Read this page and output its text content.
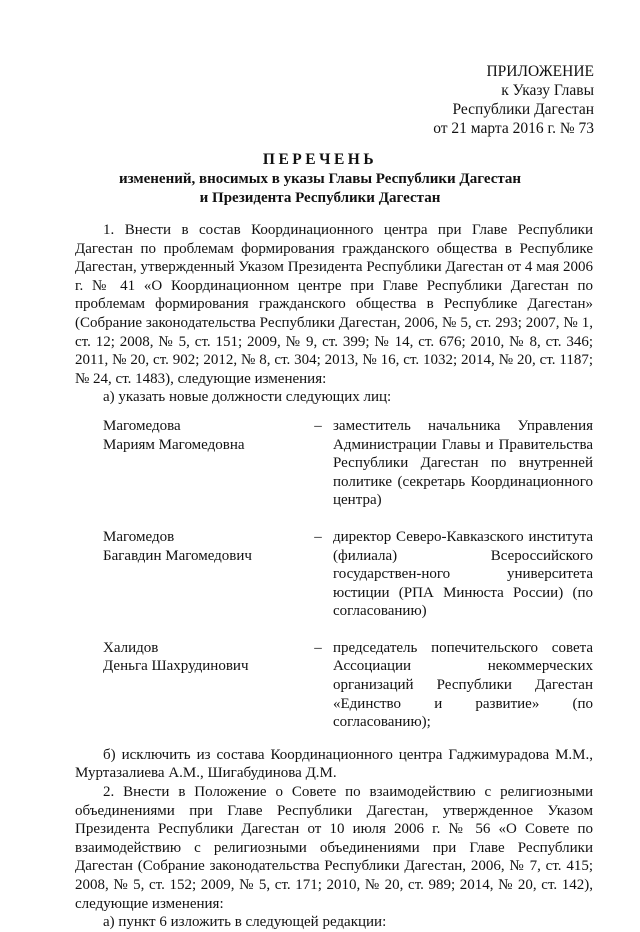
ПРИЛОЖЕНИЕ
к Указу Главы
Республики Дагестан
от 21 марта 2016 г. № 73
ПЕРЕЧЕНЬ
изменений, вносимых в указы Главы Республики Дагестан
и Президента Республики Дагестан

1. Внести в состав Координационного центра при Главе Республики Дагестан по проблемам формирования гражданского общества в Республике Дагестан, утвержденный Указом Президента Республики Дагестан от 4 мая 2006 г. № 41 «О Координационном центре при Главе Республики Дагестан по проблемам формирования гражданского общества в Республике Дагестан» (Собрание законодательства Республики Дагестан, 2006, № 5, ст. 293; 2007, № 1, ст. 12; 2008, № 5, ст. 151; 2009, № 9, ст. 399; № 14, ст. 676; 2010, № 8, ст. 346; 2011, № 20, ст. 902; 2012, № 8, ст. 304; 2013, № 16, ст. 1032; 2014, № 20, ст. 1187; № 24, ст. 1483), следующие изменения:

а) указать новые должности следующих лиц:

Магомедова
Мариям Магомедовна
– заместитель начальника Управления Администрации Главы и Правительства Республики Дагестан по внутренней политике (секретарь Координационного центра)
Магомедов
Багавдин Магомедович
– директор Северо-Кавказского института (филиала) Всероссийского государствен-ного университета юстиции (РПА Минюста России) (по согласованию)
Халидов
Деньга Шахрудинович
– председатель попечительского совета Ассоциации некоммерческих организаций Республики Дагестан «Единство и развитие» (по согласованию);

б) исключить из состава Координационного центра Гаджимурадова М.М., Муртазалиева А.М., Шигабудинова Д.М.

2. Внести в Положение о Совете по взаимодействию с религиозными объединениями при Главе Республики Дагестан, утвержденное Указом Президента Республики Дагестан от 10 июля 2006 г. № 56 «О Совете по взаимодействию с религиозными объединениями при Главе Республики Дагестан (Собрание законодательства Республики Дагестан, 2006, № 7, ст. 415; 2008, № 5, ст. 152; 2009, № 5, ст. 171; 2010, № 20, ст. 989; 2014, № 20, ст. 142), следующие изменения:

а) пункт 6 изложить в следующей редакции:
